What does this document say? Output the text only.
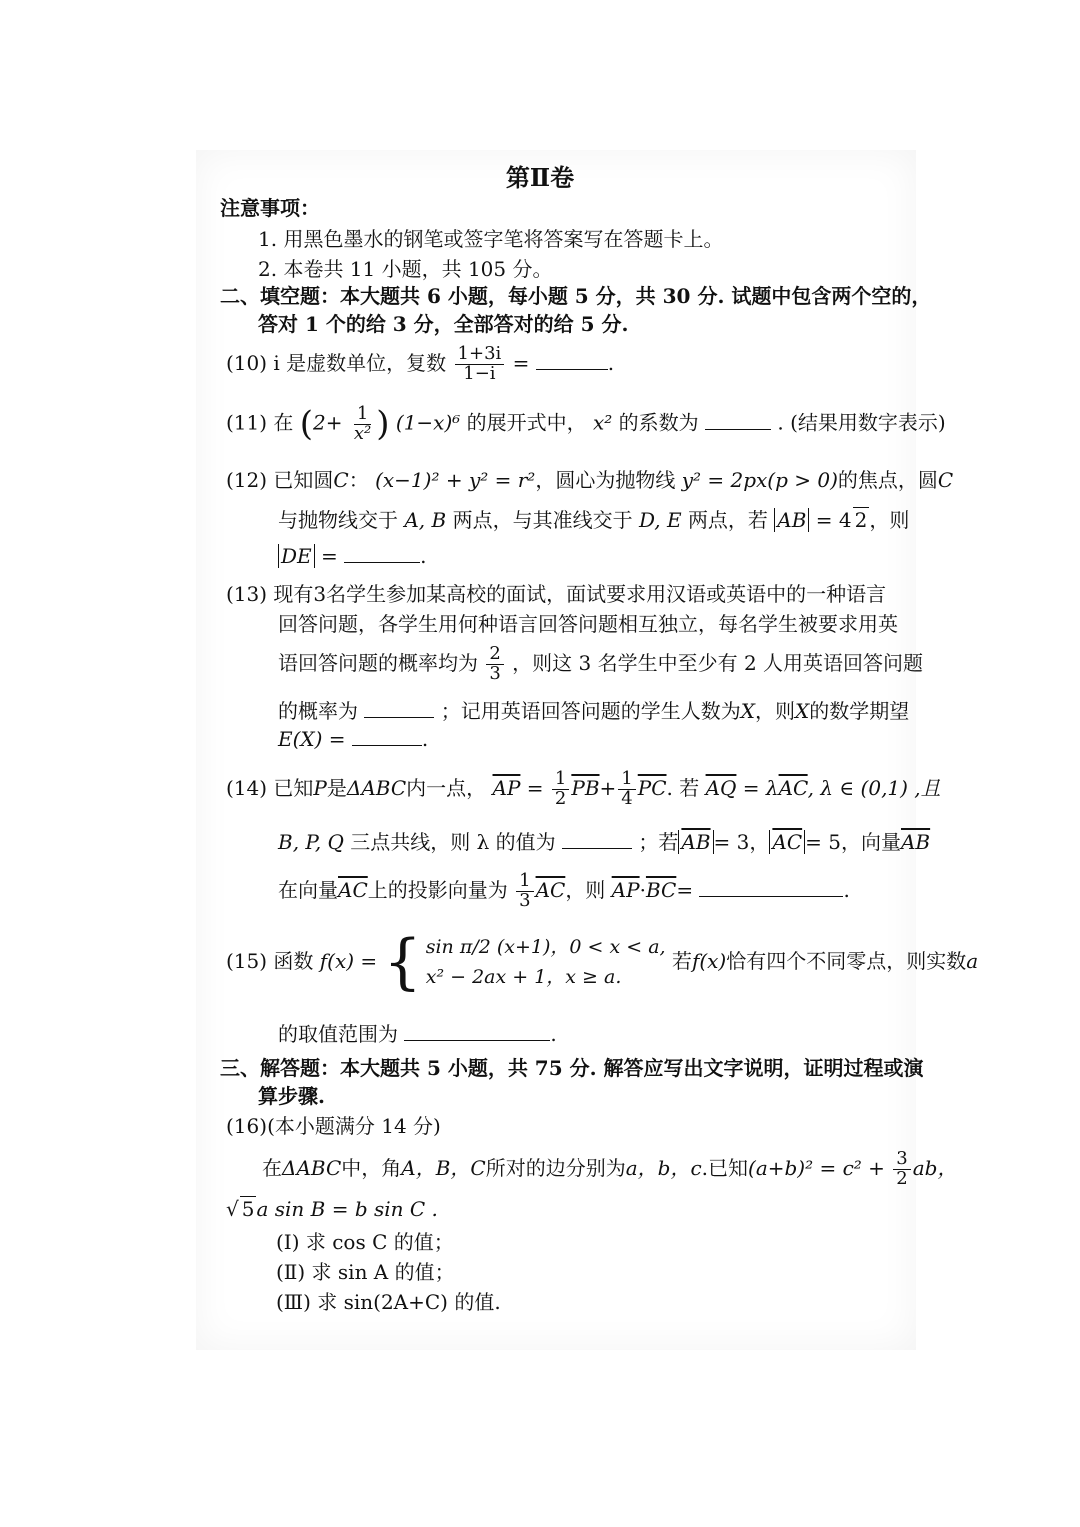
第Ⅱ卷
注意事项：
1. 用黑色墨水的钢笔或签字笔将答案写在答题卡上。
2. 本卷共 11 小题，共 105 分。
二、填空题：本大题共 6 小题，每小题 5 分，共 30 分. 试题中包含两个空的，
答对 1 个的给 3 分，全部答对的给 5 分.
(10) i 是虚数单位，复数 $\frac{1+3i}{1-i}$ =	.
(11) 在 ($2+ \frac{1}{\text{x²}}$ ) (1−x)⁶ 的展开式中， x² 的系数为	. (结果用数字表示)
(12) 已知圆C： (x−1)² + y² = r²，圆心为抛物线 y² = 2px(p > 0)的焦点，圆C
与抛物线交于 A, B 两点，与其准线交于 D, E 两点，若 AB = 4 2 ，则
DE =	.
(13) 现有3名学生参加某高校的面试，面试要求用汉语或英语中的一种语言
回答问题，各学生用何种语言回答问题相互独立，每名学生被要求用英
语回答问题的概率均为 $\frac{2}{3}$ ，则这 3 名学生中至少有 2 人用英语回答问题
的概率为	；记用英语回答问题的学生人数为X，则X的数学期望
E(X) =	.
(14) 已知P是ΔABC内一点， $\overline{AP} = \frac{1}{2} \overline{PB}+ \frac{1}{4} \overline{PC}$. 若 $\overline{AQ} = \lambda\overline{AC}$, λ ∈ (0,1) ,且
B, P, Q 三点共线，则 λ 的值为	；若 $\overline{AB} = 3$， $\overline{AC} = 5$，向量$\overline{AB}$
在向量$\overline{AC}$上的投影向量为 $\frac{1}{3} \overline{AC}$，则 $\overline{AP}\cdot\overline{BC}=$	.
(15) 函数 f(x) = { sin π/2 (x+1)，0 < x < a,
x² − 2ax + 1，x ≥ a.
若f(x)恰有四个不同零点，则实数a
的取值范围为	.
三、解答题：本大题共 5 小题，共 75 分. 解答应写出文字说明，证明过程或演
算步骤.
(16)(本小题满分 14 分)
在ΔABC中，角A，B，C所对的边分别为a，b，c.已知$(a+b)^2 = c^2 + \frac{3}{2}$ ab，
√ 5 a sin B = b sin C .
(Ⅰ) 求 cos C 的值；
(Ⅱ) 求 sin A 的值；
(Ⅲ) 求 sin(2A+C) 的值.
